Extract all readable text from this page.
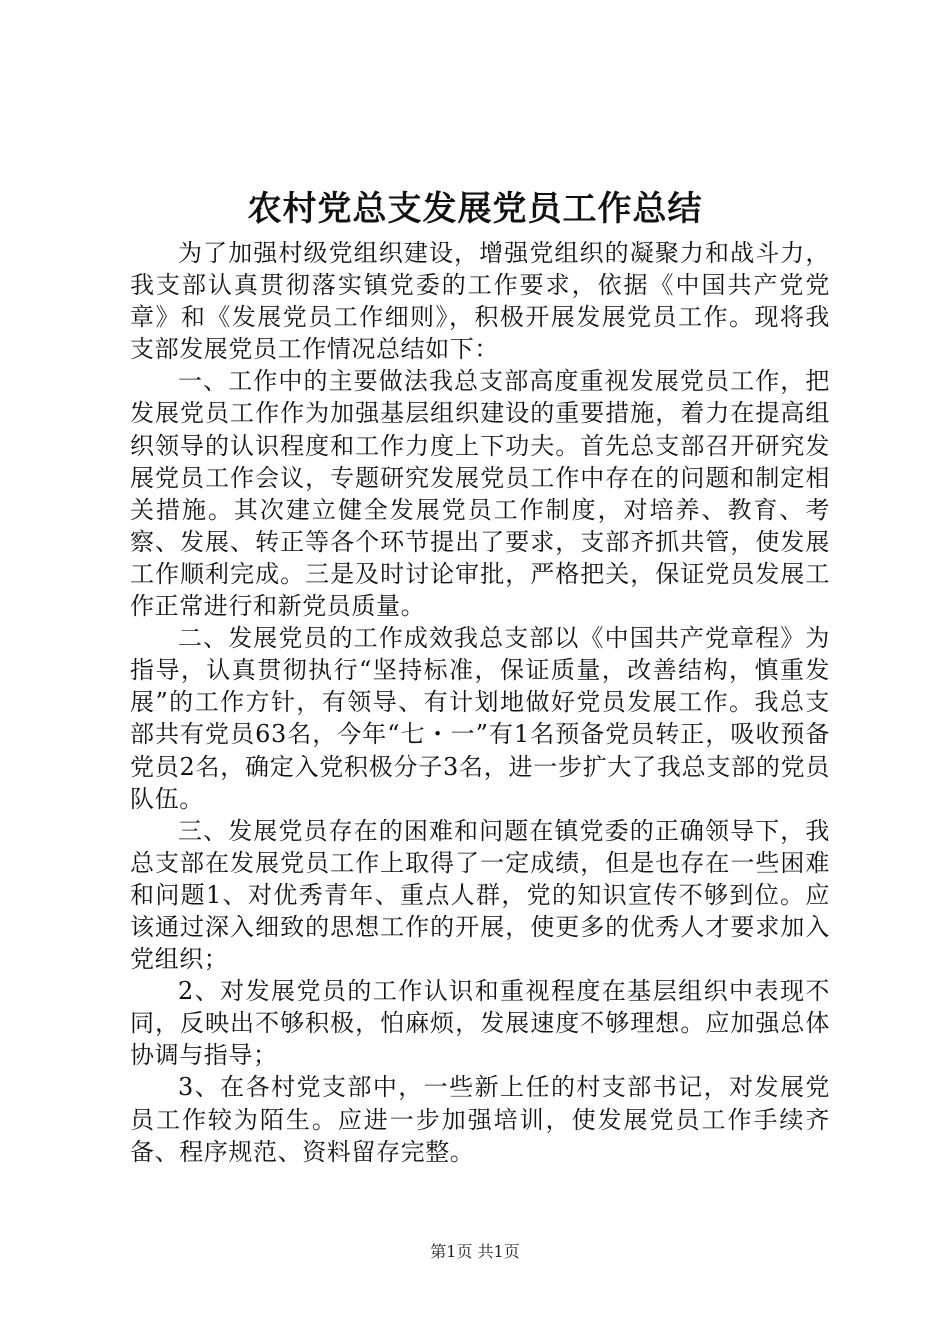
农村党总支发展党员工作总结

为了加强村级党组织建设，增强党组织的凝聚力和战斗力，我支部认真贯彻落实镇党委的工作要求，依据《中国共产党党章》和《发展党员工作细则》，积极开展发展党员工作。现将我支部发展党员工作情况总结如下：

一、工作中的主要做法我总支部高度重视发展党员工作，把发展党员工作作为加强基层组织建设的重要措施，着力在提高组织领导的认识程度和工作力度上下功夫。首先总支部召开研究发展党员工作会议，专题研究发展党员工作中存在的问题和制定相关措施。其次建立健全发展党员工作制度，对培养、教育、考察、发展、转正等各个环节提出了要求，支部齐抓共管，使发展工作顺利完成。三是及时讨论审批，严格把关，保证党员发展工作正常进行和新党员质量。

二、发展党员的工作成效我总支部以《中国共产党章程》为指导，认真贯彻执行“坚持标准，保证质量，改善结构，慎重发展”的工作方针，有领导、有计划地做好党员发展工作。我总支部共有党员63名，今年“七・一”有1名预备党员转正，吸收预备党员2名，确定入党积极分子3名，进一步扩大了我总支部的党员队伍。

三、发展党员存在的困难和问题在镇党委的正确领导下，我总支部在发展党员工作上取得了一定成绩，但是也存在一些困难和问题1、对优秀青年、重点人群，党的知识宣传不够到位。应该通过深入细致的思想工作的开展，使更多的优秀人才要求加入党组织；

2、对发展党员的工作认识和重视程度在基层组织中表现不同，反映出不够积极，怕麻烦，发展速度不够理想。应加强总体协调与指导；

3、在各村党支部中，一些新上任的村支部书记，对发展党员工作较为陌生。应进一步加强培训，使发展党员工作手续齐备、程序规范、资料留存完整。

第1页 共1页
